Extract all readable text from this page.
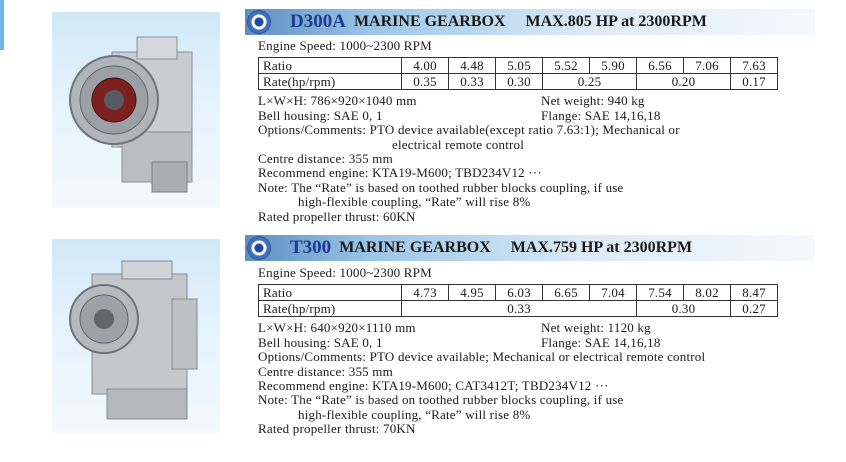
D300A MARINE GEARBOX MAX.805 HP at 2300RPM
Engine Speed: 1000~2300 RPM
Ratio	4.00	4.48	5.05	5.52	5.90	6.56	7.06	7.63
Rate(hp/rpm)	0.35	0.33	0.30	0.25		0.20		0.17
L×W×H: 786×920×1040 mm	Net weight: 940 kg
Bell housing: SAE 0, 1	Flange: SAE 14,16,18
Options/Comments: PTO device available(except ratio 7.63:1); Mechanical or
electrical remote control
Centre distance: 355 mm
Recommend engine: KTA19-M600; TBD234V12 ···
Note: The “Rate” is based on toothed rubber blocks coupling, if use
high-flexible coupling, “Rate” will rise 8%
Rated propeller thrust: 60KN
T300 MARINE GEARBOX MAX.759 HP at 2300RPM
Engine Speed: 1000~2300 RPM
Ratio	4.73	4.95	6.03	6.65	7.04	7.54	8.02	8.47
Rate(hp/rpm)	0.33					0.30		0.27
L×W×H: 640×920×1110 mm	Net weight: 1120 kg
Bell housing: SAE 0, 1	Flange: SAE 14,16,18
Options/Comments: PTO device available; Mechanical or electrical remote control
Centre distance: 355 mm
Recommend engine: KTA19-M600; CAT3412T; TBD234V12 ···
Note: The “Rate” is based on toothed rubber blocks coupling, if use
high-flexible coupling, “Rate” will rise 8%
Rated propeller thrust: 70KN
